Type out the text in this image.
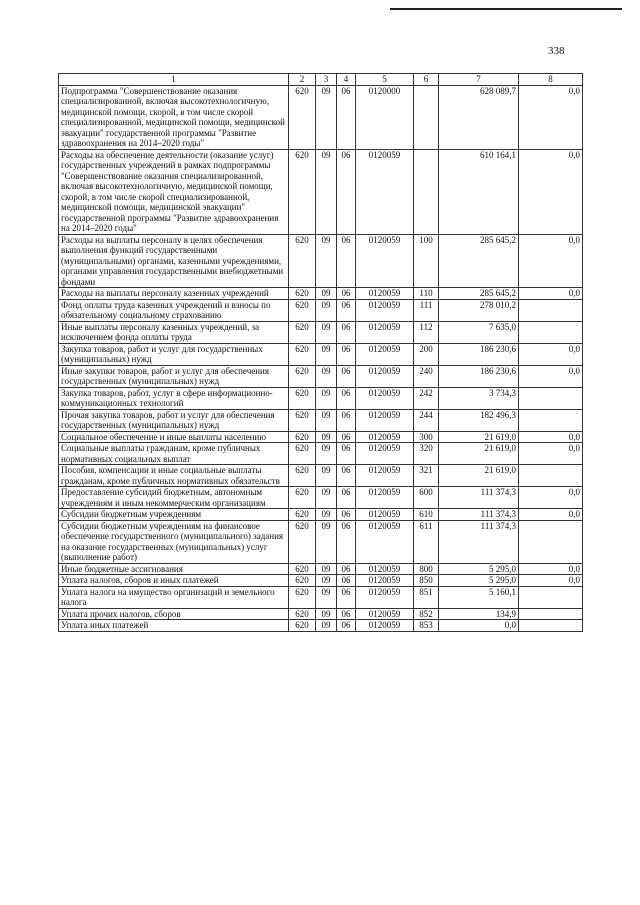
338
1	2	3	4	5	6	7	8
Подпрограмма "Совершенствование оказания специализированной, включая высокотехнологичную, медицинской помощи, скорой, в том числе скорой специализированной, медицинской помощи, медицинской эвакуации" государственной программы "Развитие здравоохранения на 2014–2020 годы"	620	09	06	0120000		628 089,7	0,0
Расходы на обеспечение деятельности (оказание услуг) государственных учреждений в рамках подпрограммы "Совершенствование оказания специализированной, включая высокотехнологичную, медицинской помощи, скорой, в том числе скорой специализированной, медицинской помощи, медицинской эвакуации" государственной программы "Развитие здравоохранения на 2014–2020 годы"	620	09	06	0120059		610 164,1	0,0
Расходы на выплаты персоналу в целях обеспечения выполнения функций государственными (муниципальными) органами, казенными учреждениями, органами управления государственными внебюджетными фондами	620	09	06	0120059	100	285 645,2	0,0
Расходы на выплаты персоналу казенных учреждений	620	09	06	0120059	110	285 645,2	0,0
Фонд оплаты труда казенных учреждений и взносы по обязательному социальному страхованию	620	09	06	0120059	111	278 010,2	
Иные выплаты персоналу казенных учреждений, за исключением фонда оплаты труда	620	09	06	0120059	112	7 635,0	
Закупка товаров, работ и услуг для государственных (муниципальных) нужд	620	09	06	0120059	200	186 230,6	0,0
Иные закупки товаров, работ и услуг для обеспечения государственных (муниципальных) нужд	620	09	06	0120059	240	186 230,6	0,0
Закупка товаров, работ, услуг в сфере информационно-коммуникационных технологий	620	09	06	0120059	242	3 734,3	
Прочая закупка товаров, работ и услуг для обеспечения государственных (муниципальных) нужд	620	09	06	0120059	244	182 496,3	
Социальное обеспечение и иные выплаты населению	620	09	06	0120059	300	21 619,0	0,0
Социальные выплаты гражданам, кроме публичных нормативных социальных выплат	620	09	06	0120059	320	21 619,0	0,0
Пособия, компенсации и иные социальные выплаты гражданам, кроме публичных нормативных обязательств	620	09	06	0120059	321	21 619,0	
Предоставление субсидий бюджетным, автономным учреждениям и иным некоммерческим организациям	620	09	06	0120059	600	111 374,3	0,0
Субсидии бюджетным учреждениям	620	09	06	0120059	610	111 374,3	0,0
Субсидии бюджетным учреждениям на финансовое обеспечение государственного (муниципального) задания на оказание государственных (муниципальных) услуг (выполнение работ)	620	09	06	0120059	611	111 374,3	
Иные бюджетные ассигнования	620	09	06	0120059	800	5 295,0	0,0
Уплата налогов, сборов и иных платежей	620	09	06	0120059	850	5 295,0	0,0
Уплата налога на имущество организаций и земельного налога	620	09	06	0120059	851	5 160,1	
Уплата прочих налогов, сборов	620	09	06	0120059	852	134,9	
Уплата иных платежей	620	09	06	0120059	853	0,0	
